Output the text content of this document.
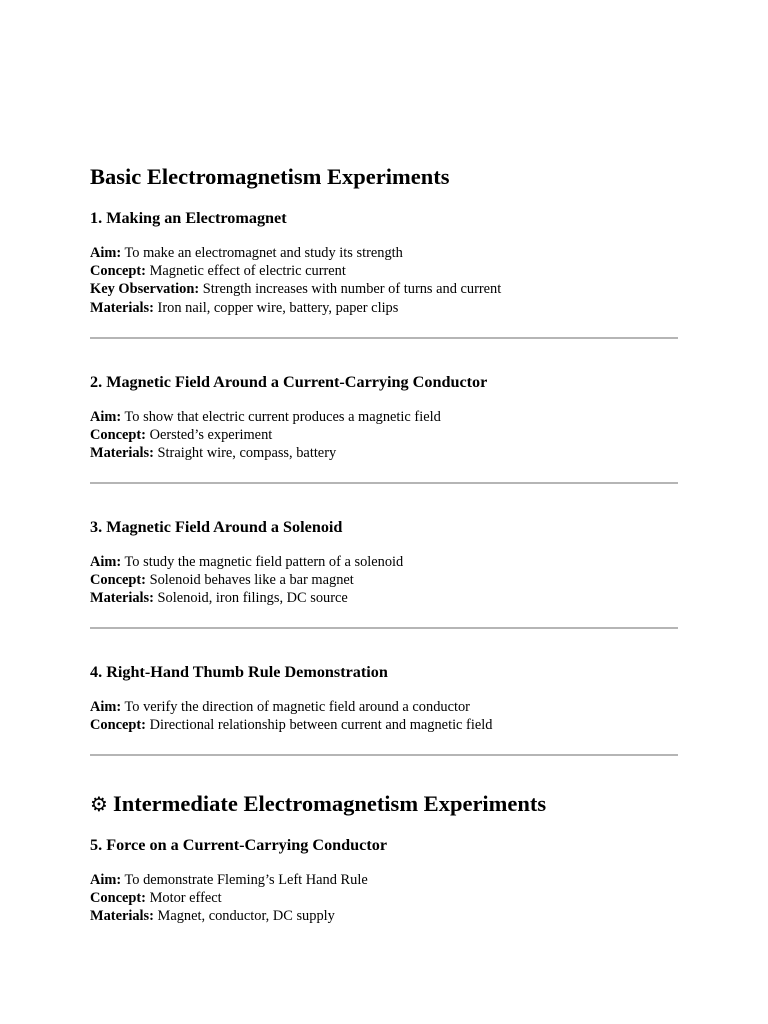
Basic Electromagnetism Experiments
1. Making an Electromagnet
Aim: To make an electromagnet and study its strength
Concept: Magnetic effect of electric current
Key Observation: Strength increases with number of turns and current
Materials: Iron nail, copper wire, battery, paper clips
2. Magnetic Field Around a Current-Carrying Conductor
Aim: To show that electric current produces a magnetic field
Concept: Oersted’s experiment
Materials: Straight wire, compass, battery
3. Magnetic Field Around a Solenoid
Aim: To study the magnetic field pattern of a solenoid
Concept: Solenoid behaves like a bar magnet
Materials: Solenoid, iron filings, DC source
4. Right-Hand Thumb Rule Demonstration
Aim: To verify the direction of magnetic field around a conductor
Concept: Directional relationship between current and magnetic field
⚙ Intermediate Electromagnetism Experiments
5. Force on a Current-Carrying Conductor
Aim: To demonstrate Fleming’s Left Hand Rule
Concept: Motor effect
Materials: Magnet, conductor, DC supply
